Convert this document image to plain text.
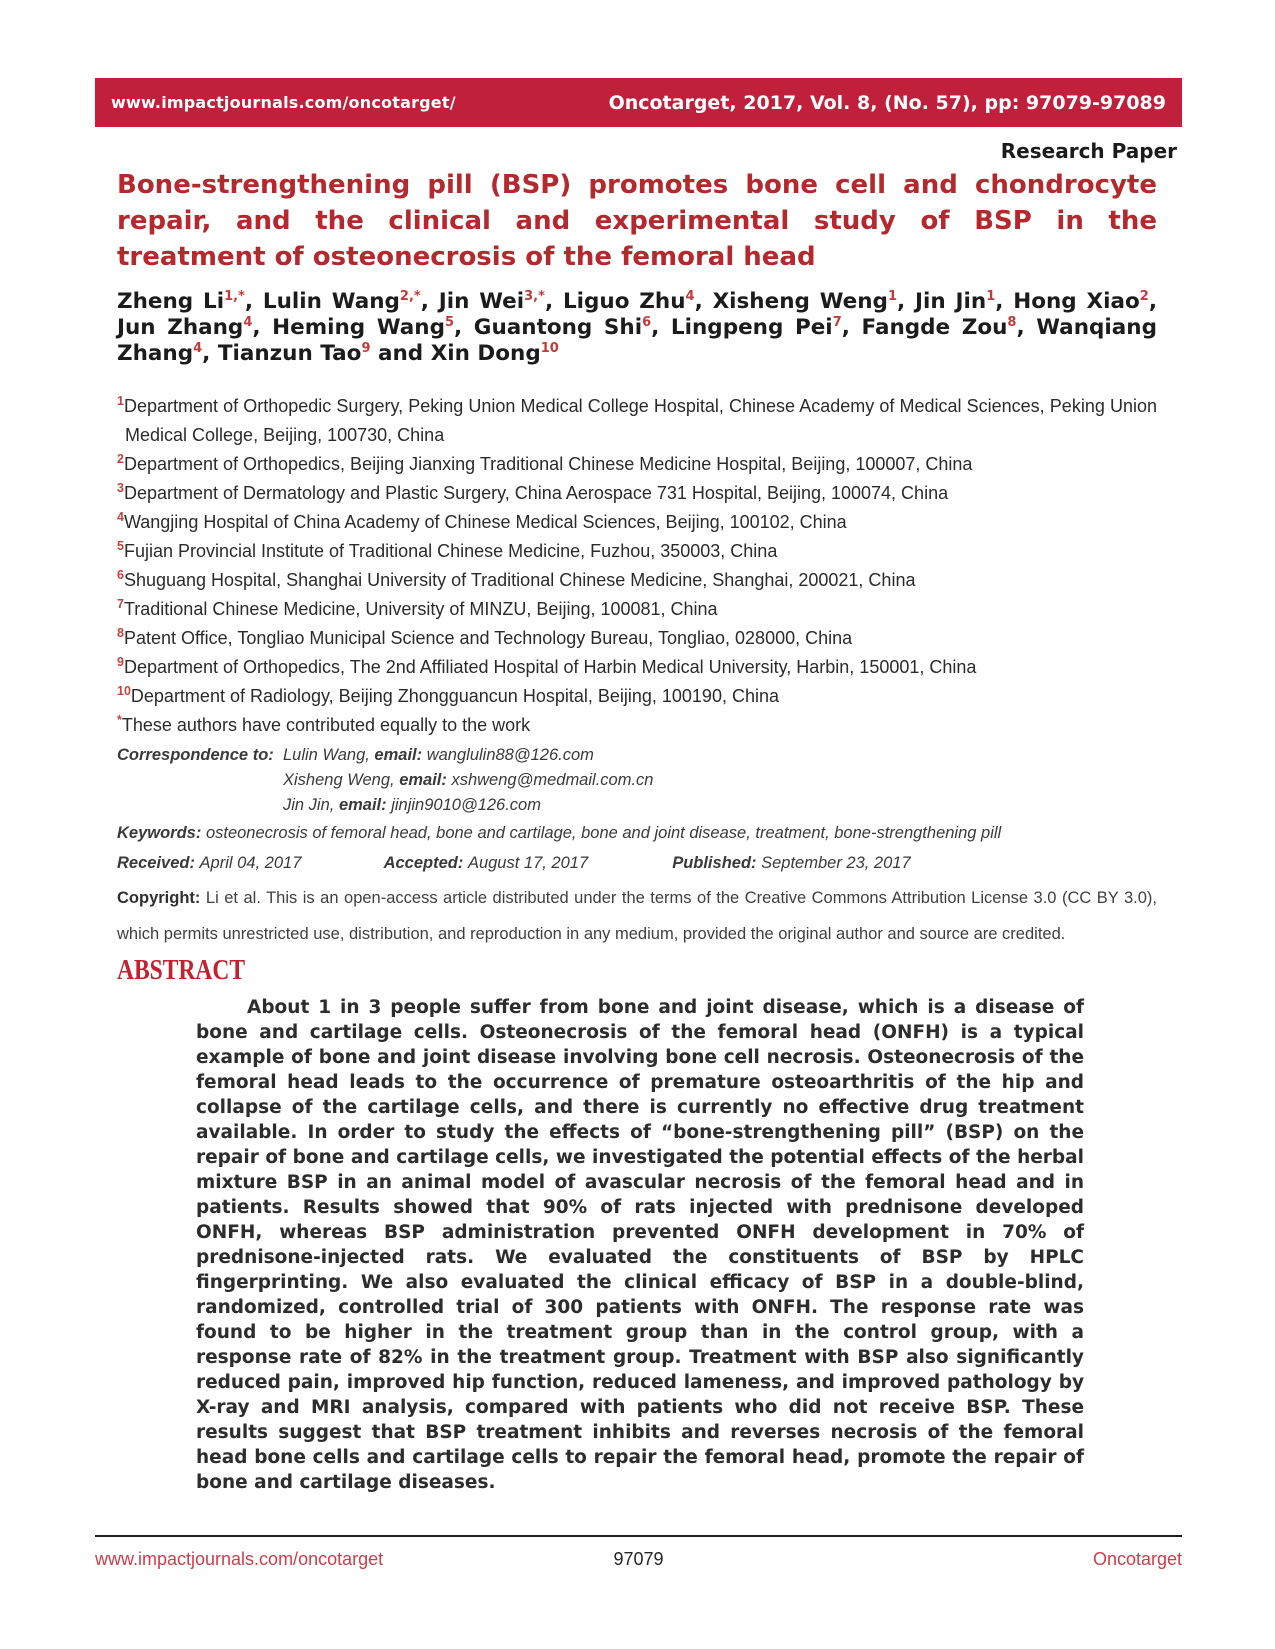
www.impactjournals.com/oncotarget/	Oncotarget, 2017, Vol. 8, (No. 57), pp: 97079-97089
Research Paper
Bone-strengthening pill (BSP) promotes bone cell and chondrocyte repair, and the clinical and experimental study of BSP in the treatment of osteonecrosis of the femoral head
Zheng $Li^{1,*}$, Lulin Wang$^{2,*}$, Jin Wei$^{3,*}$, Liguo Zhu$^4$, Xisheng Weng$^1$, Jin Jin$^1$, Hong Xiao$^2$, Jun Zhang$^4$, Heming Wang$^5$, Guantong Shi$^6$, Lingpeng Pei$^7$, Fangde Zou$^8$, Wanqiang Zhang$^4$, Tianzun Tao$^9$ and Xin Dong$^{10}$
$^1$Department of Orthopedic Surgery, Peking Union Medical College Hospital, Chinese Academy of Medical Sciences, Peking Union Medical College, Beijing, 100730, China
$^2$Department of Orthopedics, Beijing Jianxing Traditional Chinese Medicine Hospital, Beijing, 100007, China
$^3$Department of Dermatology and Plastic Surgery, China Aerospace 731 Hospital, Beijing, 100074, China
$^4$Wangjing Hospital of China Academy of Chinese Medical Sciences, Beijing, 100102, China
$^5$Fujian Provincial Institute of Traditional Chinese Medicine, Fuzhou, 350003, China
$^6$Shuguang Hospital, Shanghai University of Traditional Chinese Medicine, Shanghai, 200021, China
$^7$Traditional Chinese Medicine, University of MINZU, Beijing, 100081, China
$^8$Patent Office, Tongliao Municipal Science and Technology Bureau, Tongliao, 028000, China
$^9$Department of Orthopedics, The 2nd Affiliated Hospital of Harbin Medical University, Harbin, 150001, China
$^{10}$Department of Radiology, Beijing Zhongguancun Hospital, Beijing, 100190, China
*These authors have contributed equally to the work
Correspondence to: Lulin Wang, email: wanglulin88@126.com
Xisheng Weng, email: xshweng@medmail.com.cn
Jin Jin, email: jinjin9010@126.com
Keywords: osteonecrosis of femoral head, bone and cartilage, bone and joint disease, treatment, bone-strengthening pill
Received: April 04, 2017	Accepted: August 17, 2017	Published: September 23, 2017
Copyright: Li et al. This is an open-access article distributed under the terms of the Creative Commons Attribution License 3.0 (CC BY 3.0), which permits unrestricted use, distribution, and reproduction in any medium, provided the original author and source are credited.
ABSTRACT
About 1 in 3 people suffer from bone and joint disease, which is a disease of bone and cartilage cells. Osteonecrosis of the femoral head (ONFH) is a typical example of bone and joint disease involving bone cell necrosis. Osteonecrosis of the femoral head leads to the occurrence of premature osteoarthritis of the hip and collapse of the cartilage cells, and there is currently no effective drug treatment available. In order to study the effects of “bone-strengthening pill” (BSP) on the repair of bone and cartilage cells, we investigated the potential effects of the herbal mixture BSP in an animal model of avascular necrosis of the femoral head and in patients. Results showed that 90% of rats injected with prednisone developed ONFH, whereas BSP administration prevented ONFH development in 70% of prednisone-injected rats. We evaluated the constituents of BSP by HPLC fingerprinting. We also evaluated the clinical efficacy of BSP in a double-blind, randomized, controlled trial of 300 patients with ONFH. The response rate was found to be higher in the treatment group than in the control group, with a response rate of 82% in the treatment group. Treatment with BSP also significantly reduced pain, improved hip function, reduced lameness, and improved pathology by X-ray and MRI analysis, compared with patients who did not receive BSP. These results suggest that BSP treatment inhibits and reverses necrosis of the femoral head bone cells and cartilage cells to repair the femoral head, promote the repair of bone and cartilage diseases.
www.impactjournals.com/oncotarget	97079	Oncotarget
